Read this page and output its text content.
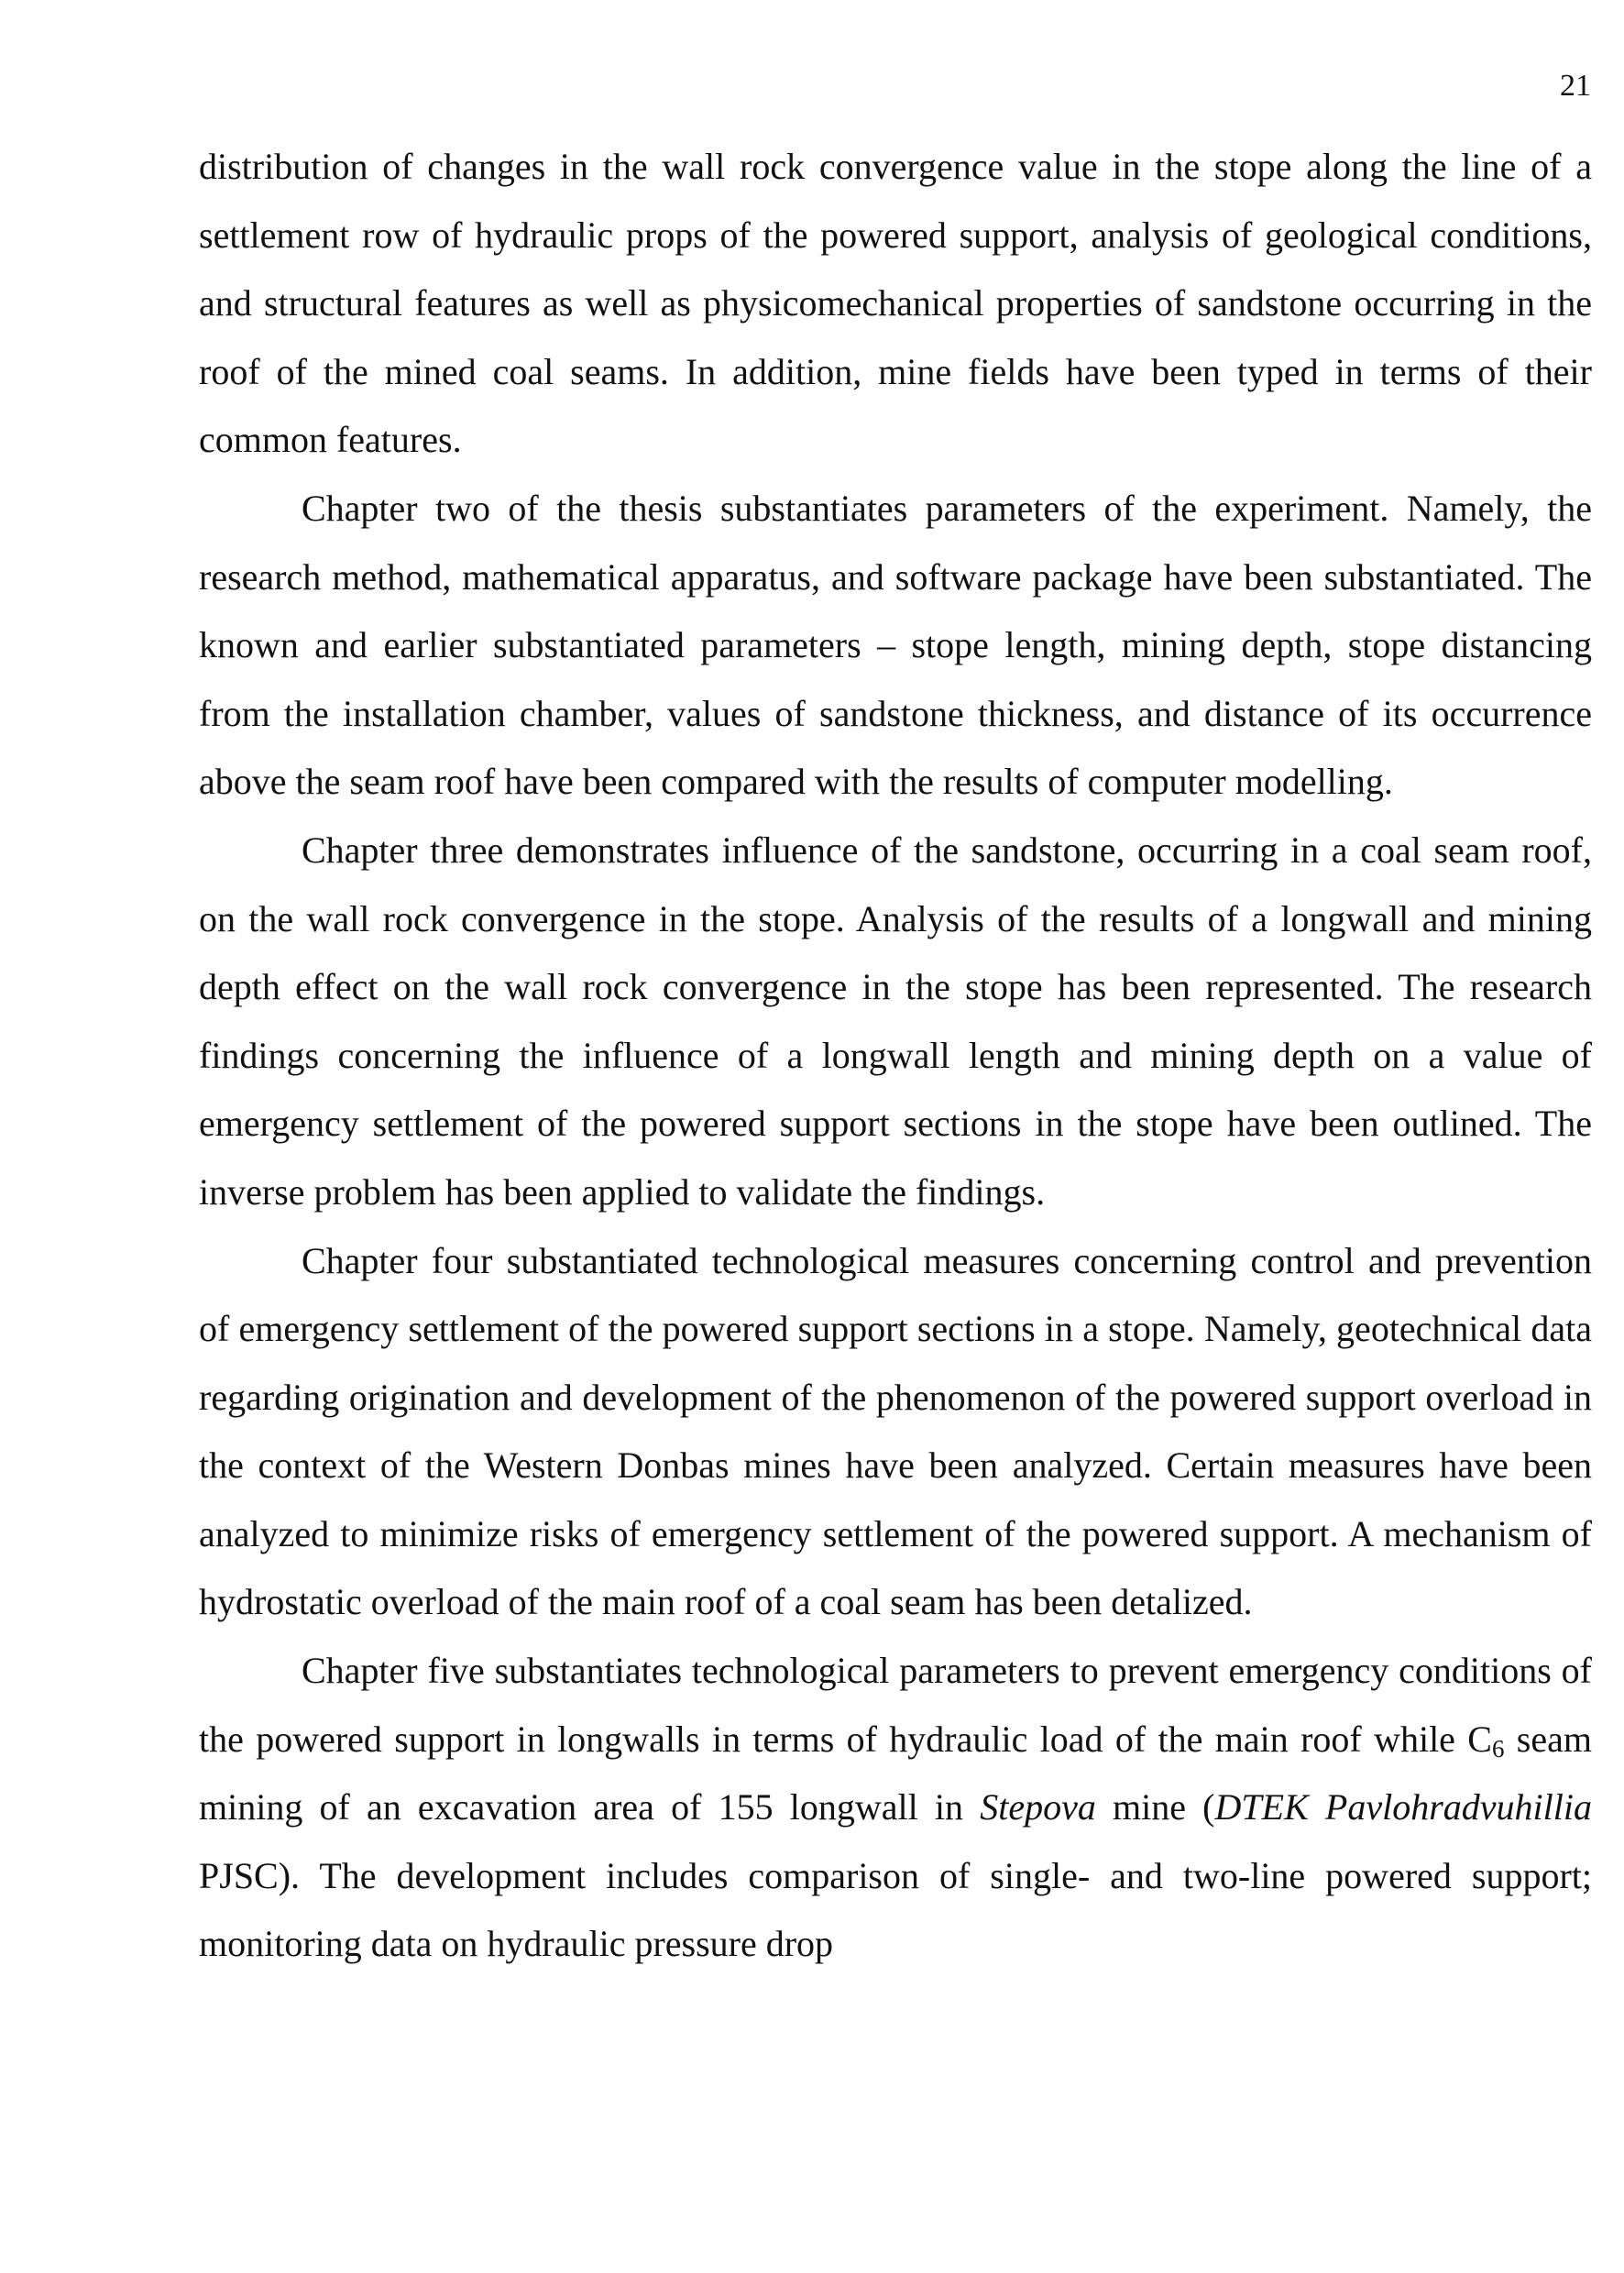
21

distribution of changes in the wall rock convergence value in the stope along the line of a settlement row of hydraulic props of the powered support, analysis of geological conditions, and structural features as well as physicomechanical properties of sandstone occurring in the roof of the mined coal seams. In addition, mine fields have been typed in terms of their common features.

Chapter two of the thesis substantiates parameters of the experiment. Namely, the research method, mathematical apparatus, and software package have been substantiated. The known and earlier substantiated parameters – stope length, mining depth, stope distancing from the installation chamber, values of sandstone thickness, and distance of its occurrence above the seam roof have been compared with the results of computer modelling.

Chapter three demonstrates influence of the sandstone, occurring in a coal seam roof, on the wall rock convergence in the stope. Analysis of the results of a longwall and mining depth effect on the wall rock convergence in the stope has been represented. The research findings concerning the influence of a longwall length and mining depth on a value of emergency settlement of the powered support sections in the stope have been outlined. The inverse problem has been applied to validate the findings.

Chapter four substantiated technological measures concerning control and prevention of emergency settlement of the powered support sections in a stope. Namely, geotechnical data regarding origination and development of the phenomenon of the powered support overload in the context of the Western Donbas mines have been analyzed. Certain measures have been analyzed to minimize risks of emergency settlement of the powered support. A mechanism of hydrostatic overload of the main roof of a coal seam has been detalized.

Chapter five substantiates technological parameters to prevent emergency conditions of the powered support in longwalls in terms of hydraulic load of the main roof while $C_6$ seam mining of an excavation area of 155 longwall in Stepova mine (DTEK Pavlohradvuhillia PJSC). The development includes comparison of single- and two-line powered support; monitoring data on hydraulic pressure drop
